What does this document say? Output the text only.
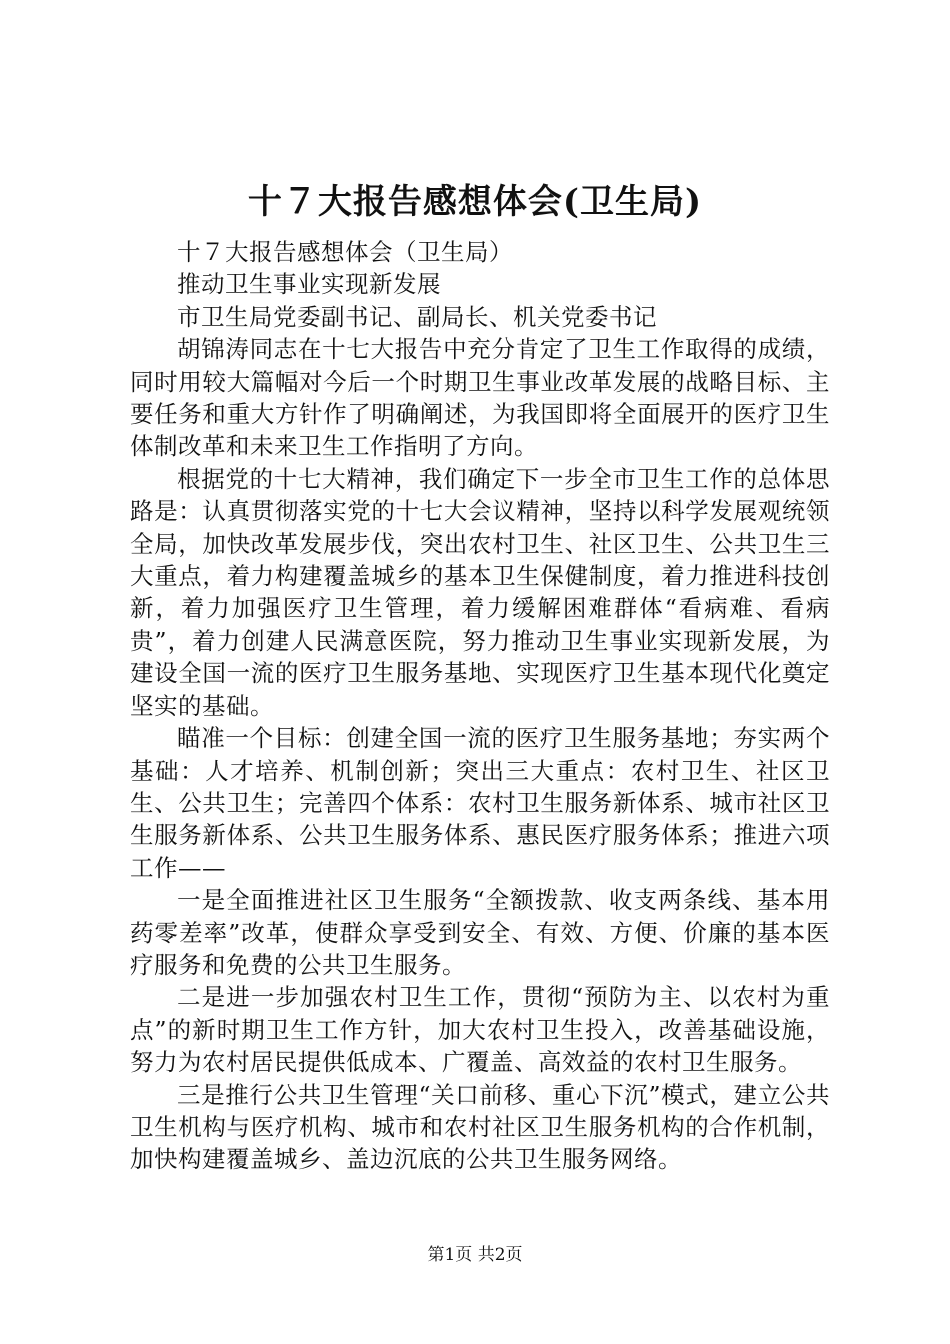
十７大报告感想体会(卫生局)

十７大报告感想体会（卫生局）

推动卫生事业实现新发展

市卫生局党委副书记、副局长、机关党委书记

胡锦涛同志在十七大报告中充分肯定了卫生工作取得的成绩，同时用较大篇幅对今后一个时期卫生事业改革发展的战略目标、主要任务和重大方针作了明确阐述，为我国即将全面展开的医疗卫生体制改革和未来卫生工作指明了方向。

根据党的十七大精神，我们确定下一步全市卫生工作的总体思路是：认真贯彻落实党的十七大会议精神，坚持以科学发展观统领全局，加快改革发展步伐，突出农村卫生、社区卫生、公共卫生三大重点，着力构建覆盖城乡的基本卫生保健制度，着力推进科技创新，着力加强医疗卫生管理，着力缓解困难群体“看病难、看病贵”，着力创建人民满意医院，努力推动卫生事业实现新发展，为建设全国一流的医疗卫生服务基地、实现医疗卫生基本现代化奠定坚实的基础。

瞄准一个目标：创建全国一流的医疗卫生服务基地；夯实两个基础：人才培养、机制创新；突出三大重点：农村卫生、社区卫生、公共卫生；完善四个体系：农村卫生服务新体系、城市社区卫生服务新体系、公共卫生服务体系、惠民医疗服务体系；推进六项工作——

一是全面推进社区卫生服务“全额拨款、收支两条线、基本用药零差率”改革，使群众享受到安全、有效、方便、价廉的基本医疗服务和免费的公共卫生服务。

二是进一步加强农村卫生工作，贯彻“预防为主、以农村为重点”的新时期卫生工作方针，加大农村卫生投入，改善基础设施，努力为农村居民提供低成本、广覆盖、高效益的农村卫生服务。

三是推行公共卫生管理“关口前移、重心下沉”模式，建立公共卫生机构与医疗机构、城市和农村社区卫生服务机构的合作机制，加快构建覆盖城乡、盖边沉底的公共卫生服务网络。

第1页 共2页
